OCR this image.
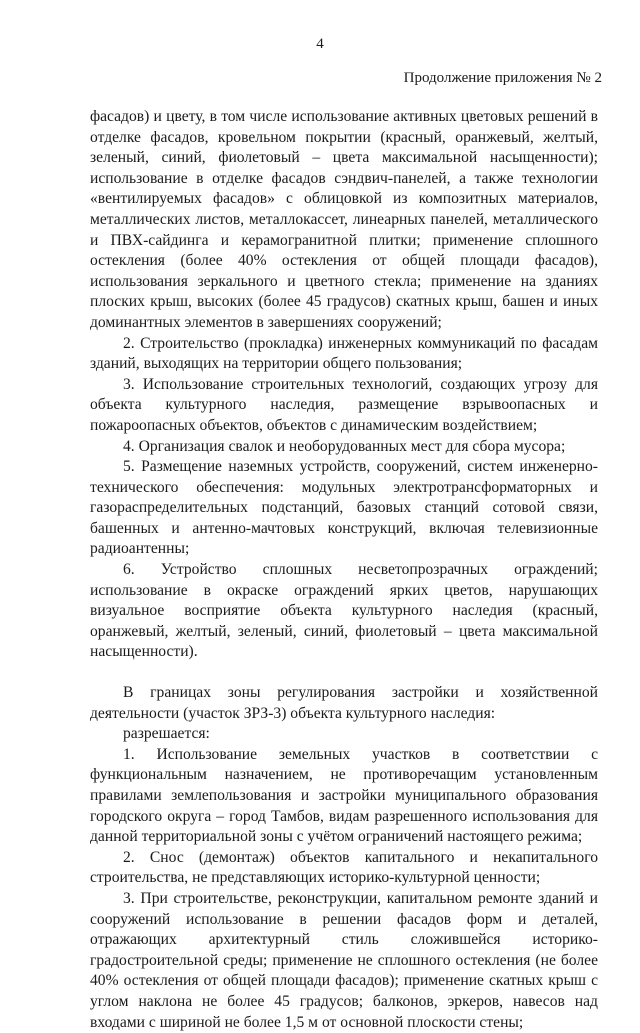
4
Продолжение приложения № 2

фасадов) и цвету, в том числе использование активных цветовых решений в отделке фасадов, кровельном покрытии (красный, оранжевый, желтый, зеленый, синий, фиолетовый – цвета максимальной насыщенности); использование в отделке фасадов сэндвич-панелей, а также технологии «вентилируемых фасадов» с облицовкой из композитных материалов, металлических листов, металлокассет, линеарных панелей, металлического и ПВХ-сайдинга и керамогранитной плитки; применение сплошного остекления (более 40% остекления от общей площади фасадов), использования зеркального и цветного стекла; применение на зданиях плоских крыш, высоких (более 45 градусов) скатных крыш, башен и иных доминантных элементов в завершениях сооружений;

2. Строительство (прокладка) инженерных коммуникаций по фасадам зданий, выходящих на территории общего пользования;

3. Использование строительных технологий, создающих угрозу для объекта культурного наследия, размещение взрывоопасных и пожароопасных объектов, объектов с динамическим воздействием;

4. Организация свалок и необорудованных мест для сбора мусора;

5. Размещение наземных устройств, сооружений, систем инженерно-технического обеспечения: модульных электротрансформаторных и газораспределительных подстанций, базовых станций сотовой связи, башенных и антенно-мачтовых конструкций, включая телевизионные радиоантенны;

6. Устройство сплошных несветопрозрачных ограждений; использование в окраске ограждений ярких цветов, нарушающих визуальное восприятие объекта культурного наследия (красный, оранжевый, желтый, зеленый, синий, фиолетовый – цвета максимальной насыщенности).

В границах зоны регулирования застройки и хозяйственной деятельности (участок ЗРЗ-3) объекта культурного наследия:

разрешается:

1. Использование земельных участков в соответствии с функциональным назначением, не противоречащим установленным правилами землепользования и застройки муниципального образования городского округа – город Тамбов, видам разрешенного использования для данной территориальной зоны с учётом ограничений настоящего режима;

2. Снос (демонтаж) объектов капитального и некапитального строительства, не представляющих историко-культурной ценности;

3. При строительстве, реконструкции, капитальном ремонте зданий и сооружений использование в решении фасадов форм и деталей, отражающих архитектурный стиль сложившейся историко-градостроительной среды; применение не сплошного остекления (не более 40% остекления от общей площади фасадов); применение скатных крыш с углом наклона не более 45 градусов; балконов, эркеров, навесов над входами с шириной не более 1,5 м от основной плоскости стены;
